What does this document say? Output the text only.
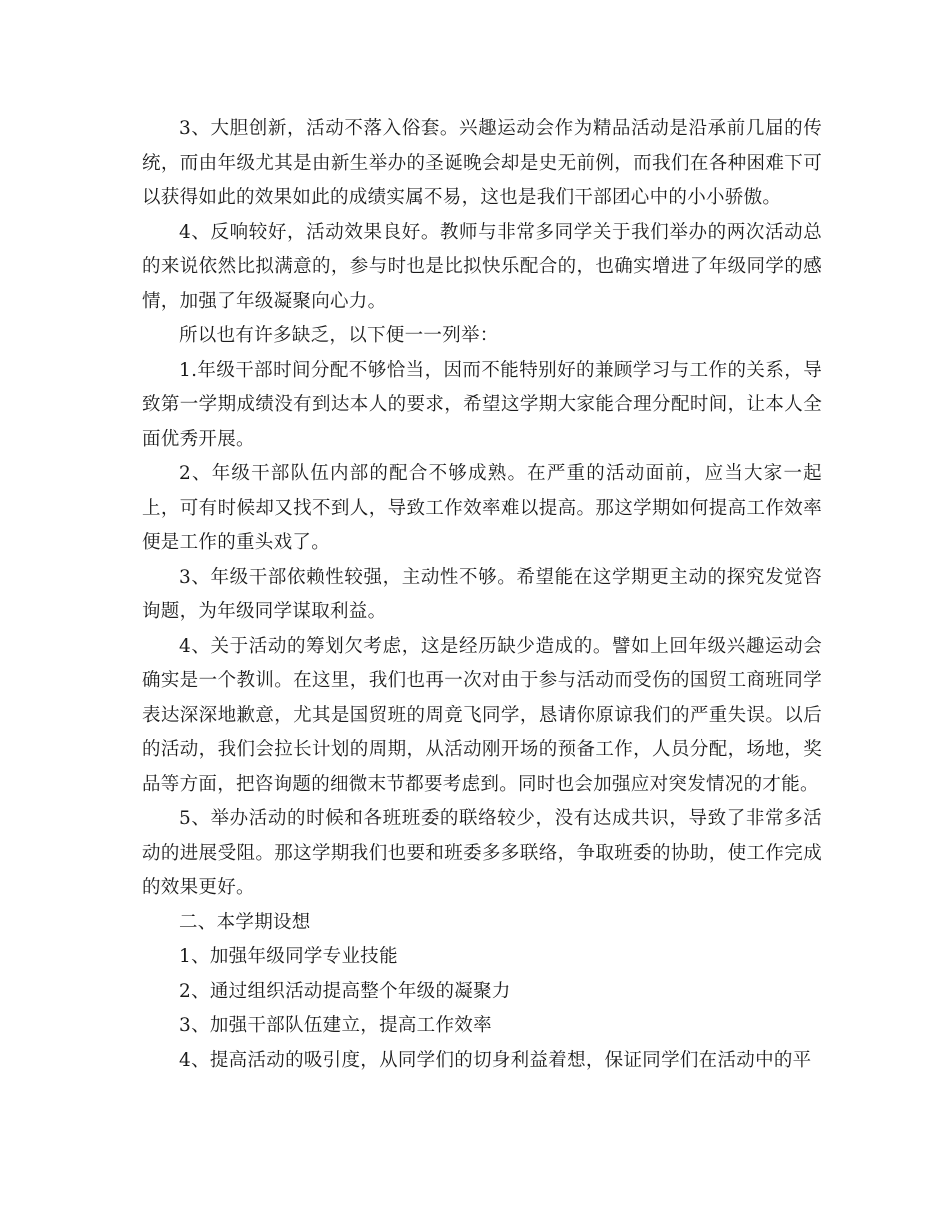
3、大胆创新，活动不落入俗套。兴趣运动会作为精品活动是沿承前几届的传统，而由年级尤其是由新生举办的圣诞晚会却是史无前例，而我们在各种困难下可以获得如此的效果如此的成绩实属不易，这也是我们干部团心中的小小骄傲。

4、反响较好，活动效果良好。教师与非常多同学关于我们举办的两次活动总的来说依然比拟满意的，参与时也是比拟快乐配合的，也确实增进了年级同学的感情，加强了年级凝聚向心力。

所以也有许多缺乏，以下便一一列举：

1.年级干部时间分配不够恰当，因而不能特别好的兼顾学习与工作的关系，导致第一学期成绩没有到达本人的要求，希望这学期大家能合理分配时间，让本人全面优秀开展。

2、年级干部队伍内部的配合不够成熟。在严重的活动面前，应当大家一起上，可有时候却又找不到人，导致工作效率难以提高。那这学期如何提高工作效率便是工作的重头戏了。

3、年级干部依赖性较强，主动性不够。希望能在这学期更主动的探究发觉咨询题，为年级同学谋取利益。

4、关于活动的筹划欠考虑，这是经历缺少造成的。譬如上回年级兴趣运动会确实是一个教训。在这里，我们也再一次对由于参与活动而受伤的国贸工商班同学表达深深地歉意，尤其是国贸班的周竟飞同学，恳请你原谅我们的严重失误。以后的活动，我们会拉长计划的周期，从活动刚开场的预备工作，人员分配，场地，奖品等方面，把咨询题的细微末节都要考虑到。同时也会加强应对突发情况的才能。

5、举办活动的时候和各班班委的联络较少，没有达成共识，导致了非常多活动的进展受阻。那这学期我们也要和班委多多联络，争取班委的协助，使工作完成的效果更好。

二、本学期设想

1、加强年级同学专业技能

2、通过组织活动提高整个年级的凝聚力

3、加强干部队伍建立，提高工作效率

4、提高活动的吸引度，从同学们的切身利益着想，保证同学们在活动中的平
